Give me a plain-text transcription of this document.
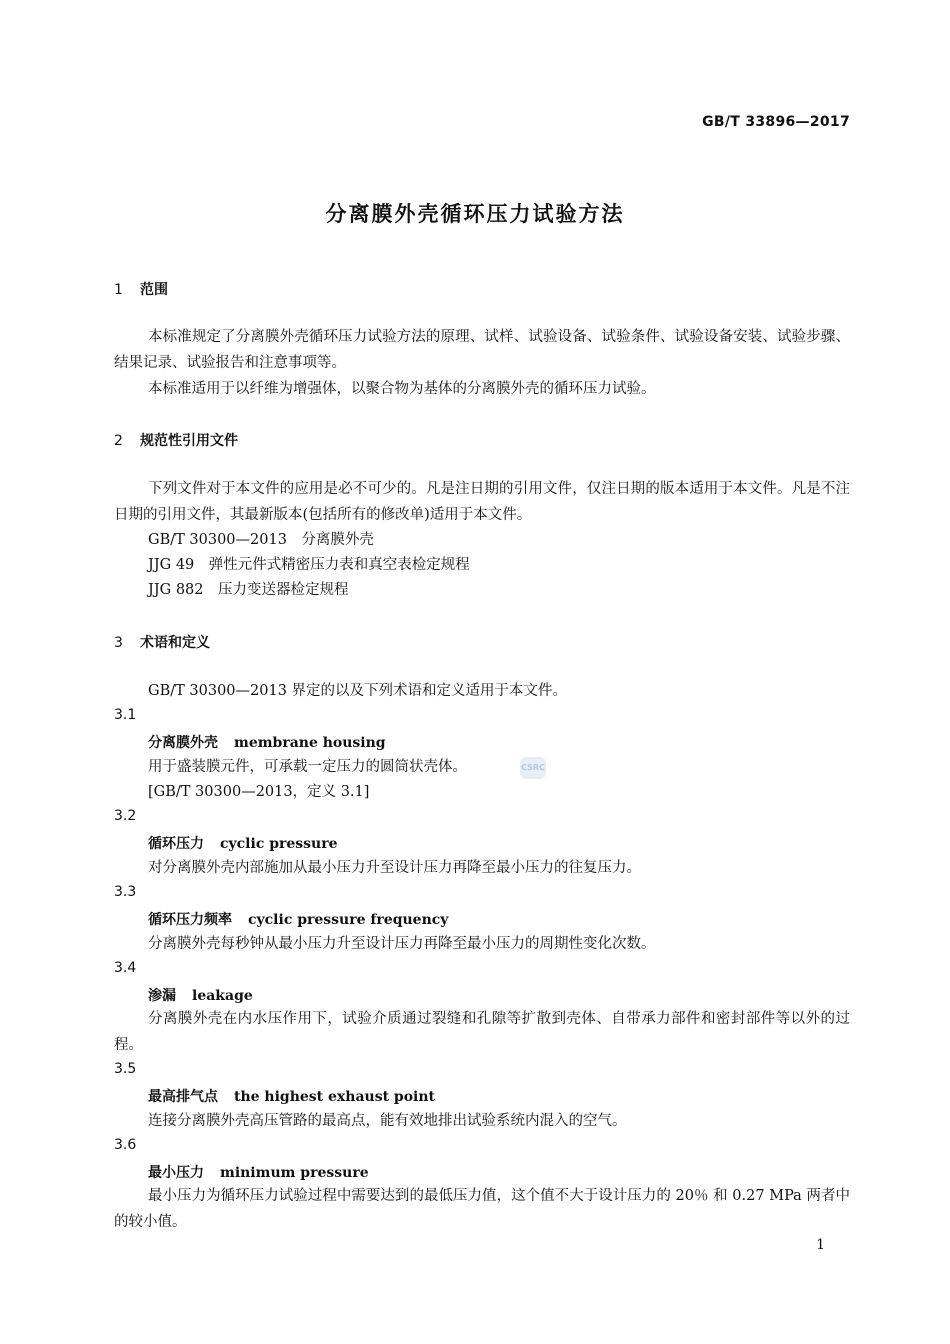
GB/T 33896—2017
分离膜外壳循环压力试验方法
1 范围
本标准规定了分离膜外壳循环压力试验方法的原理、试样、试验设备、试验条件、试验设备安装、试验步骤、结果记录、试验报告和注意事项等。
本标准适用于以纤维为增强体，以聚合物为基体的分离膜外壳的循环压力试验。
2 规范性引用文件
下列文件对于本文件的应用是必不可少的。凡是注日期的引用文件，仅注日期的版本适用于本文件。凡是不注日期的引用文件，其最新版本(包括所有的修改单)适用于本文件。
GB/T 30300—2013　分离膜外壳
JJG 49　弹性元件式精密压力表和真空表检定规程
JJG 882　压力变送器检定规程
3 术语和定义
GB/T 30300—2013 界定的以及下列术语和定义适用于本文件。
3.1
分离膜外壳 membrane housing
用于盛装膜元件，可承载一定压力的圆筒状壳体。	CSRC
[GB/T 30300—2013，定义 3.1]
3.2
循环压力 cyclic pressure
对分离膜外壳内部施加从最小压力升至设计压力再降至最小压力的往复压力。
3.3
循环压力频率 cyclic pressure frequency
分离膜外壳每秒钟从最小压力升至设计压力再降至最小压力的周期性变化次数。
3.4
渗漏 leakage
分离膜外壳在内水压作用下，试验介质通过裂缝和孔隙等扩散到壳体、自带承力部件和密封部件等以外的过程。
3.5
最高排气点 the highest exhaust point
连接分离膜外壳高压管路的最高点，能有效地排出试验系统内混入的空气。
3.6
最小压力 minimum pressure
最小压力为循环压力试验过程中需要达到的最低压力值，这个值不大于设计压力的 20％ 和 0.27 MPa 两者中的较小值。
1
